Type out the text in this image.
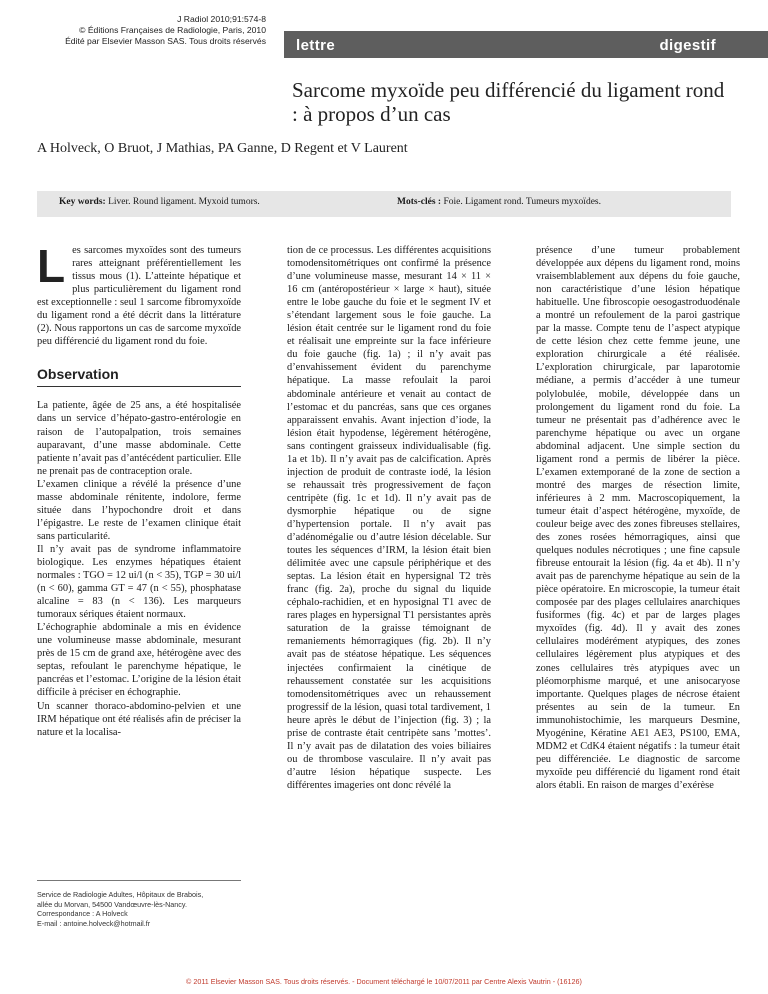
J Radiol 2010;91:574-8
© Éditions Françaises de Radiologie, Paris, 2010
Édité par Elsevier Masson SAS. Tous droits réservés lettre	digestif
Sarcome myxoïde peu différencié du ligament rond : à propos d’un cas
A Holveck, O Bruot, J Mathias, PA Ganne, D Regent et V Laurent
Key words: Liver. Round ligament. Myxoid tumors.	Mots-clés : Foie. Ligament rond. Tumeurs myxoïdes.

Les sarcomes myxoïdes sont des tumeurs rares atteignant préférentiellement les tissus mous (1). L’atteinte hépatique et plus particulièrement du ligament rond est exceptionnelle : seul 1 sarcome fibromyxoïde du ligament rond a été décrit dans la littérature (2). Nous rapportons un cas de sarcome myxoïde peu différencié du ligament rond du foie.

Observation

La patiente, âgée de 25 ans, a été hospitalisée dans un service d’hépato-gastro-entérologie en raison de l’autopalpation, trois semaines auparavant, d’une masse abdominale. Cette patiente n’avait pas d’antécédent particulier. Elle ne prenait pas de contraception orale.

L’examen clinique a révélé la présence d’une masse abdominale rénitente, indolore, ferme située dans l’hypochondre droit et dans l’épigastre. Le reste de l’examen clinique était sans particularité.

Il n’y avait pas de syndrome inflammatoire biologique. Les enzymes hépatiques étaient normales : TGO = 12 ui/l (n < 35), TGP = 30 ui/l (n < 60), gamma GT = 47 (n < 55), phosphatase alcaline = 83 (n < 136). Les marqueurs tumoraux sériques étaient normaux.

L’échographie abdominale a mis en évidence une volumineuse masse abdominale, mesurant près de 15 cm de grand axe, hétérogène avec des septas, refoulant le parenchyme hépatique, le pancréas et l’estomac. L’origine de la lésion était difficile à préciser en échographie.

Un scanner thoraco-abdomino-pelvien et une IRM hépatique ont été réalisés afin de préciser la nature et la localisa-

tion de ce processus. Les différentes acquisitions tomodensitométriques ont confirmé la présence d’une volumineuse masse, mesurant 14 × 11 × 16 cm (antéropostérieur × large × haut), située entre le lobe gauche du foie et le segment IV et s’étendant largement sous le foie gauche. La lésion était centrée sur le ligament rond du foie et réalisait une empreinte sur la face inférieure du foie gauche (fig. 1a) ; il n’y avait pas d’envahissement évident du parenchyme hépatique. La masse refoulait la paroi abdominale antérieure et venait au contact de l’estomac et du pancréas, sans que ces organes apparaissent envahis. Avant injection d’iode, la lésion était hypodense, légèrement hétérogène, sans contingent graisseux individualisable (fig. 1a et 1b). Il n’y avait pas de calcification. Après injection de produit de contraste iodé, la lésion se rehaussait très progressivement de façon centripète (fig. 1c et 1d). Il n’y avait pas de dysmorphie hépatique ou de signe d’hypertension portale. Il n’y avait pas d’adénomégalie ou d’autre lésion décelable. Sur toutes les séquences d’IRM, la lésion était bien délimitée avec une capsule périphérique et des septas. La lésion était en hypersignal T2 très franc (fig. 2a), proche du signal du liquide céphalo-rachidien, et en hyposignal T1 avec de rares plages en hypersignal T1 persistantes après saturation de la graisse témoignant de remaniements hémorragiques (fig. 2b). Il n’y avait pas de stéatose hépatique. Les séquences injectées confirmaient la cinétique de rehaussement constatée sur les acquisitions tomodensitométriques avec un rehaussement progressif de la lésion, quasi total tardivement, 1 heure après le début de l’injection (fig. 3) ; la prise de contraste était centripète sans ’mottes’. Il n’y avait pas de dilatation des voies biliaires ou de thrombose vasculaire. Il n’y avait pas d’autre lésion hépatique suspecte. Les différentes imageries ont donc révélé la

présence d’une tumeur probablement développée aux dépens du ligament rond, moins vraisemblablement aux dépens du foie gauche, non caractéristique d’une lésion hépatique habituelle. Une fibroscopie oesogastroduodénale a montré un refoulement de la paroi gastrique par la masse. Compte tenu de l’aspect atypique de cette lésion chez cette femme jeune, une exploration chirurgicale a été réalisée. L’exploration chirurgicale, par laparotomie médiane, a permis d’accéder à une tumeur polylobulée, mobile, développée dans un prolongement du ligament rond du foie. La tumeur ne présentait pas d’adhérence avec le parenchyme hépatique ou avec un organe abdominal adjacent. Une simple section du ligament rond a permis de libérer la pièce. L’examen extemporané de la zone de section a montré des marges de résection limite, inférieures à 2 mm. Macroscopiquement, la tumeur était d’aspect hétérogène, myxoïde, de couleur beige avec des zones fibreuses stellaires, des zones rosées hémorragiques, ainsi que quelques nodules nécrotiques ; une fine capsule fibreuse entourait la lésion (fig. 4a et 4b). Il n’y avait pas de parenchyme hépatique au sein de la pièce opératoire. En microscopie, la tumeur était composée par des plages cellulaires anarchiques fusiformes (fig. 4c) et par de larges plages myxoïdes (fig. 4d). Il y avait des zones cellulaires modérément atypiques, des zones cellulaires légèrement plus atypiques et des zones cellulaires très atypiques avec un pléomorphisme marqué, et une anisocaryose importante. Quelques plages de nécrose étaient présentes au sein de la tumeur. En immunohistochimie, les marqueurs Desmine, Myogénine, Kératine AE1 AE3, PS100, EMA, MDM2 et CdK4 étaient négatifs : la tumeur était peu différenciée. Le diagnostic de sarcome myxoïde peu différencié du ligament rond était alors établi. En raison de marges d’exérèse

Service de Radiologie Adultes, Hôpitaux de Brabois,
allée du Morvan, 54500 Vandœuvre-lès-Nancy.
Correspondance : A Holveck
E-mail : antoine.holveck@hotmail.fr
© 2011 Elsevier Masson SAS. Tous droits réservés. - Document téléchargé le 10/07/2011 par Centre Alexis Vautrin - (16126)
